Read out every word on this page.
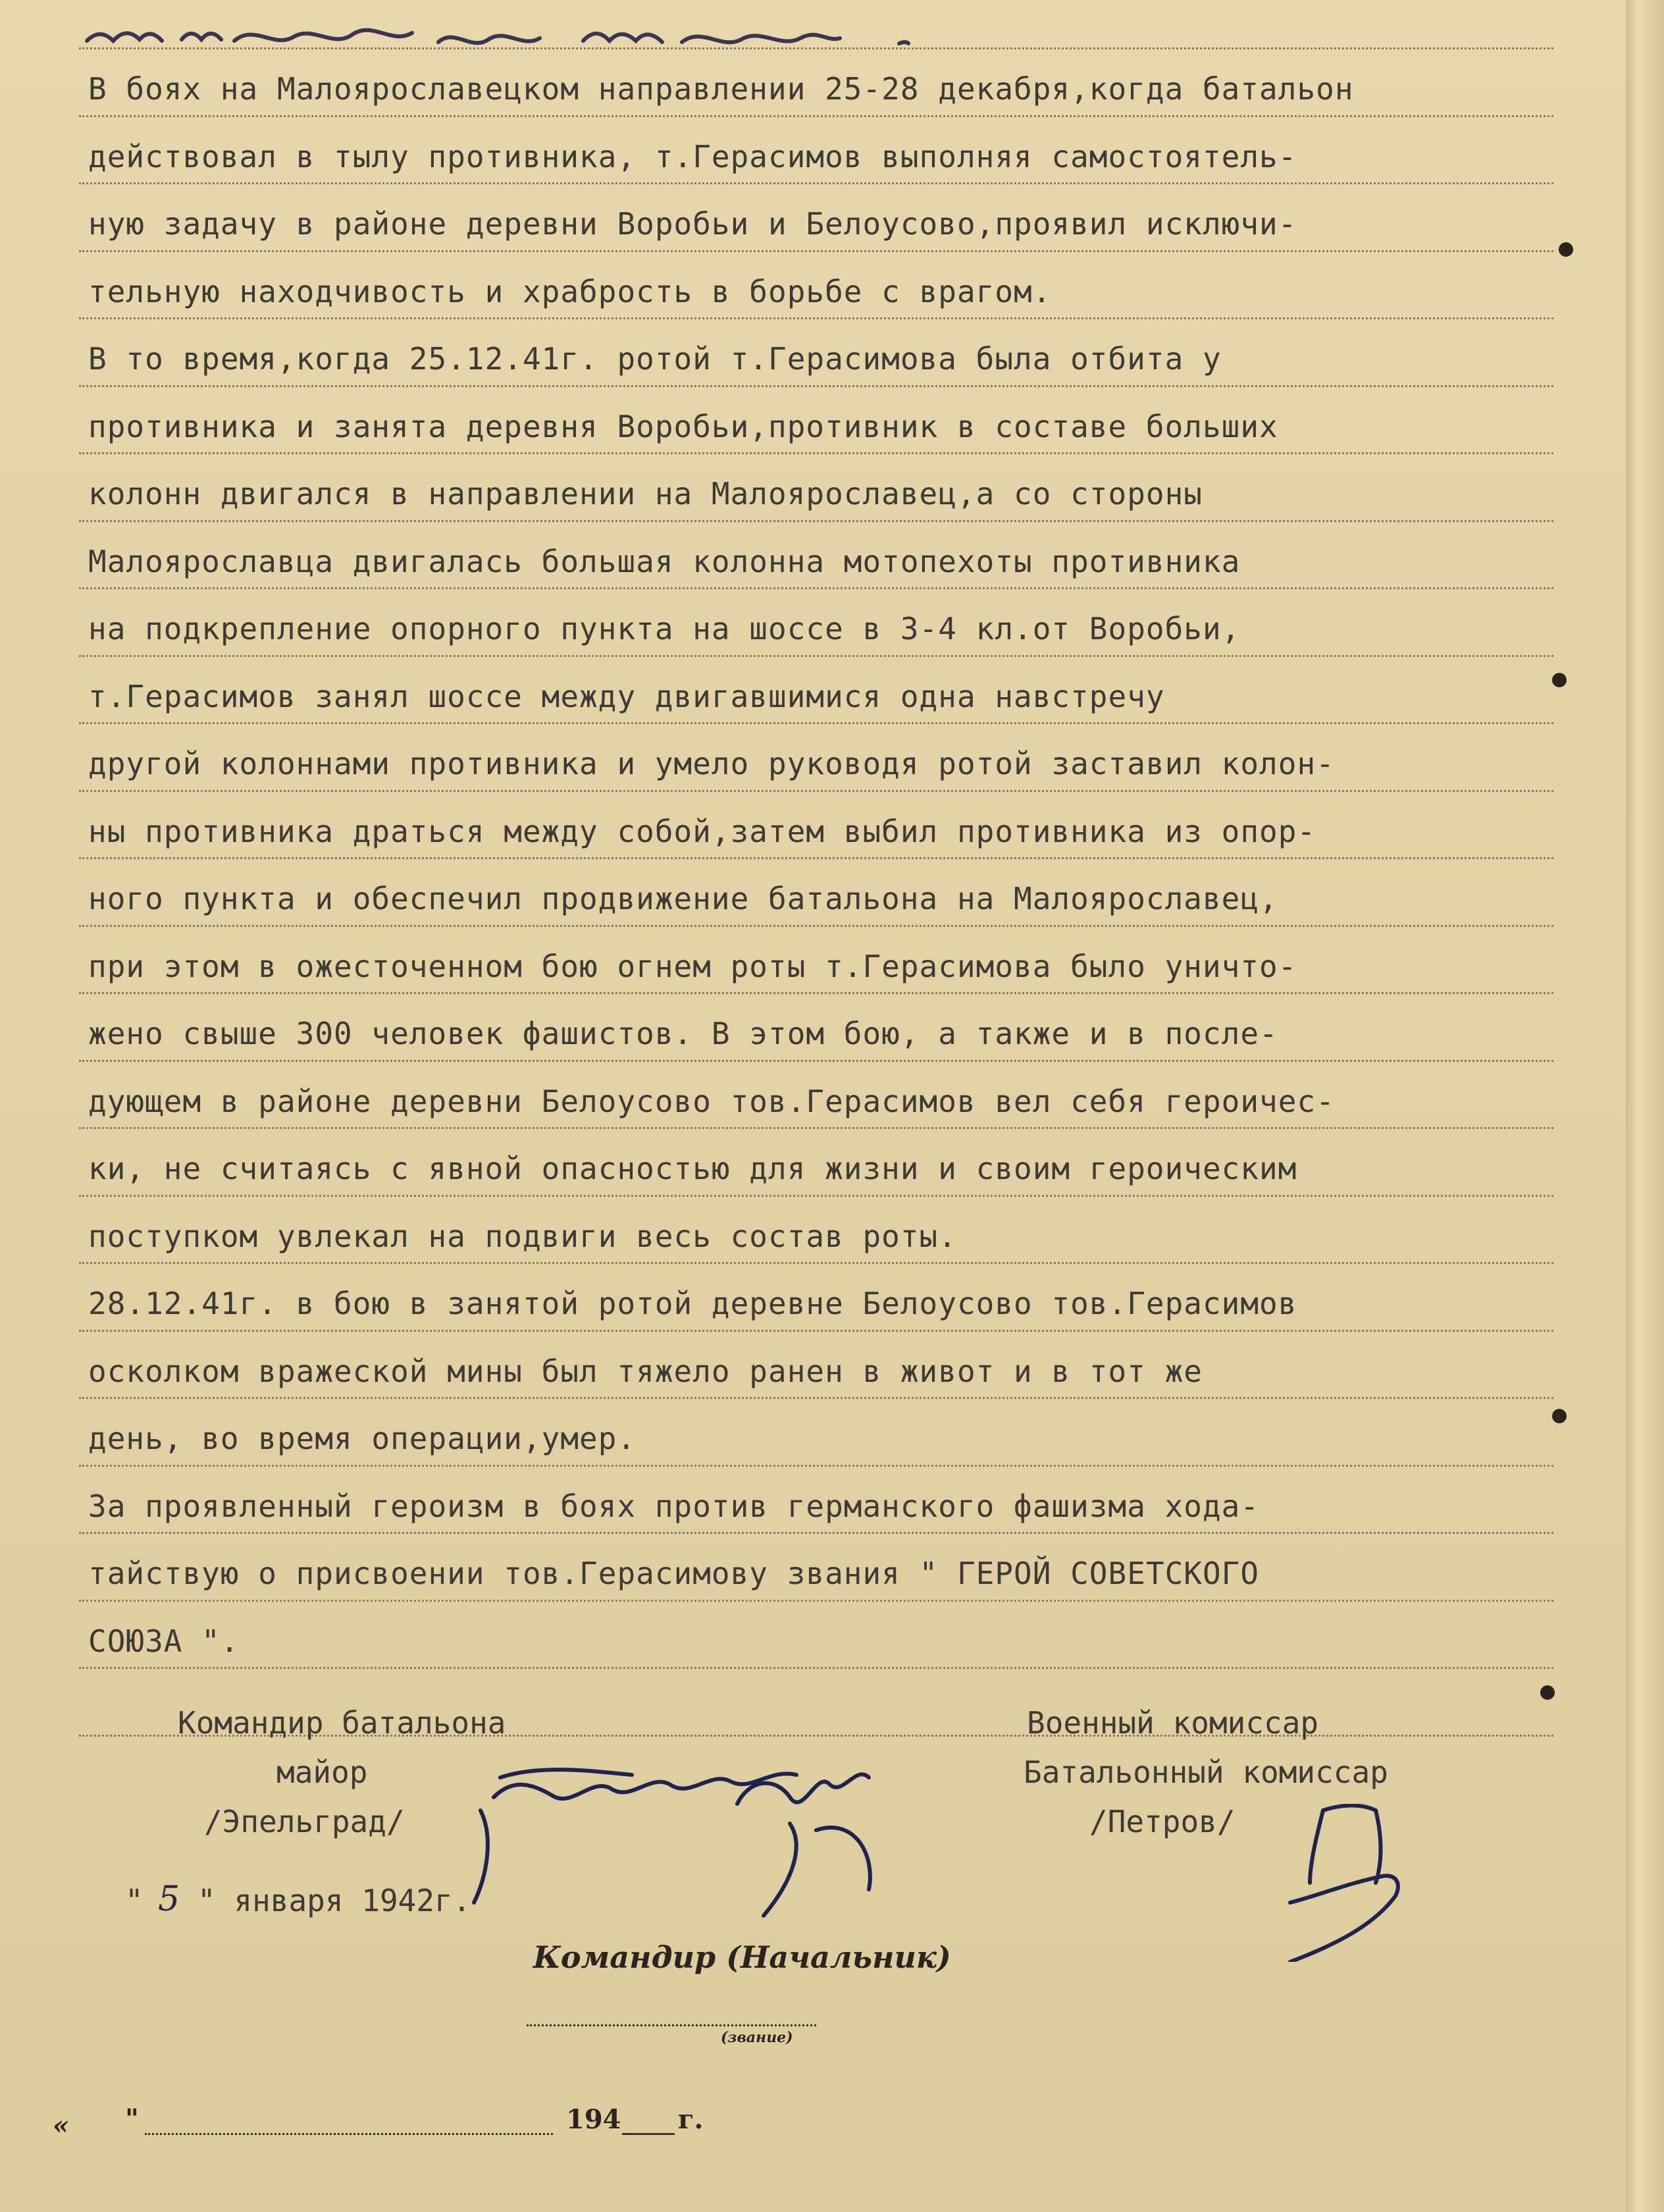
В боях на Малоярославецком направлении 25-28 декабря,когда батальон
действовал в тылу противника, т.Герасимов выполняя самостоятель-
ную задачу в районе деревни Воробьи и Белоусово,проявил исключи-
тельную находчивость и храбрость в борьбе с врагом.
В то время,когда 25.12.41г. ротой т.Герасимова была отбита у
противника и занята деревня Воробьи,противник в составе больших
колонн двигался в направлении на Малоярославец,а со стороны
Малоярославца двигалась большая колонна мотопехоты противника
на подкрепление опорного пункта на шоссе в 3-4 кл.от Воробьи,
т.Герасимов занял шоссе между двигавшимися одна навстречу
другой колоннами противника и умело руководя ротой заставил колон-
ны противника драться между собой,затем выбил противника из опор-
ного пункта и обеспечил продвижение батальона на Малоярославец,
при этом в ожесточенном бою огнем роты т.Герасимова было уничто-
жено свыше 300 человек фашистов. В этом бою, а также и в после-
дующем в районе деревни Белоусово тов.Герасимов вел себя героичес-
ки, не считаясь с явной опасностью для жизни и своим героическим
поступком увлекал на подвиги весь состав роты.
28.12.41г. в бою в занятой ротой деревне Белоусово тов.Герасимов
осколком вражеской мины был тяжело ранен в живот и в тот же
день, во время операции,умер.
За проявленный героизм в боях против германского фашизма хода-
тайствую о присвоении тов.Герасимову звания " ГЕРОЙ СОВЕТСКОГО
СОЮЗА ".
Командир батальона
майор
/Эпельград/
Военный комиссар
Батальонный комиссар
/Петров/
" 5 " января 1942г.
Командир (Начальник)
(звание)
« "	194 г.
